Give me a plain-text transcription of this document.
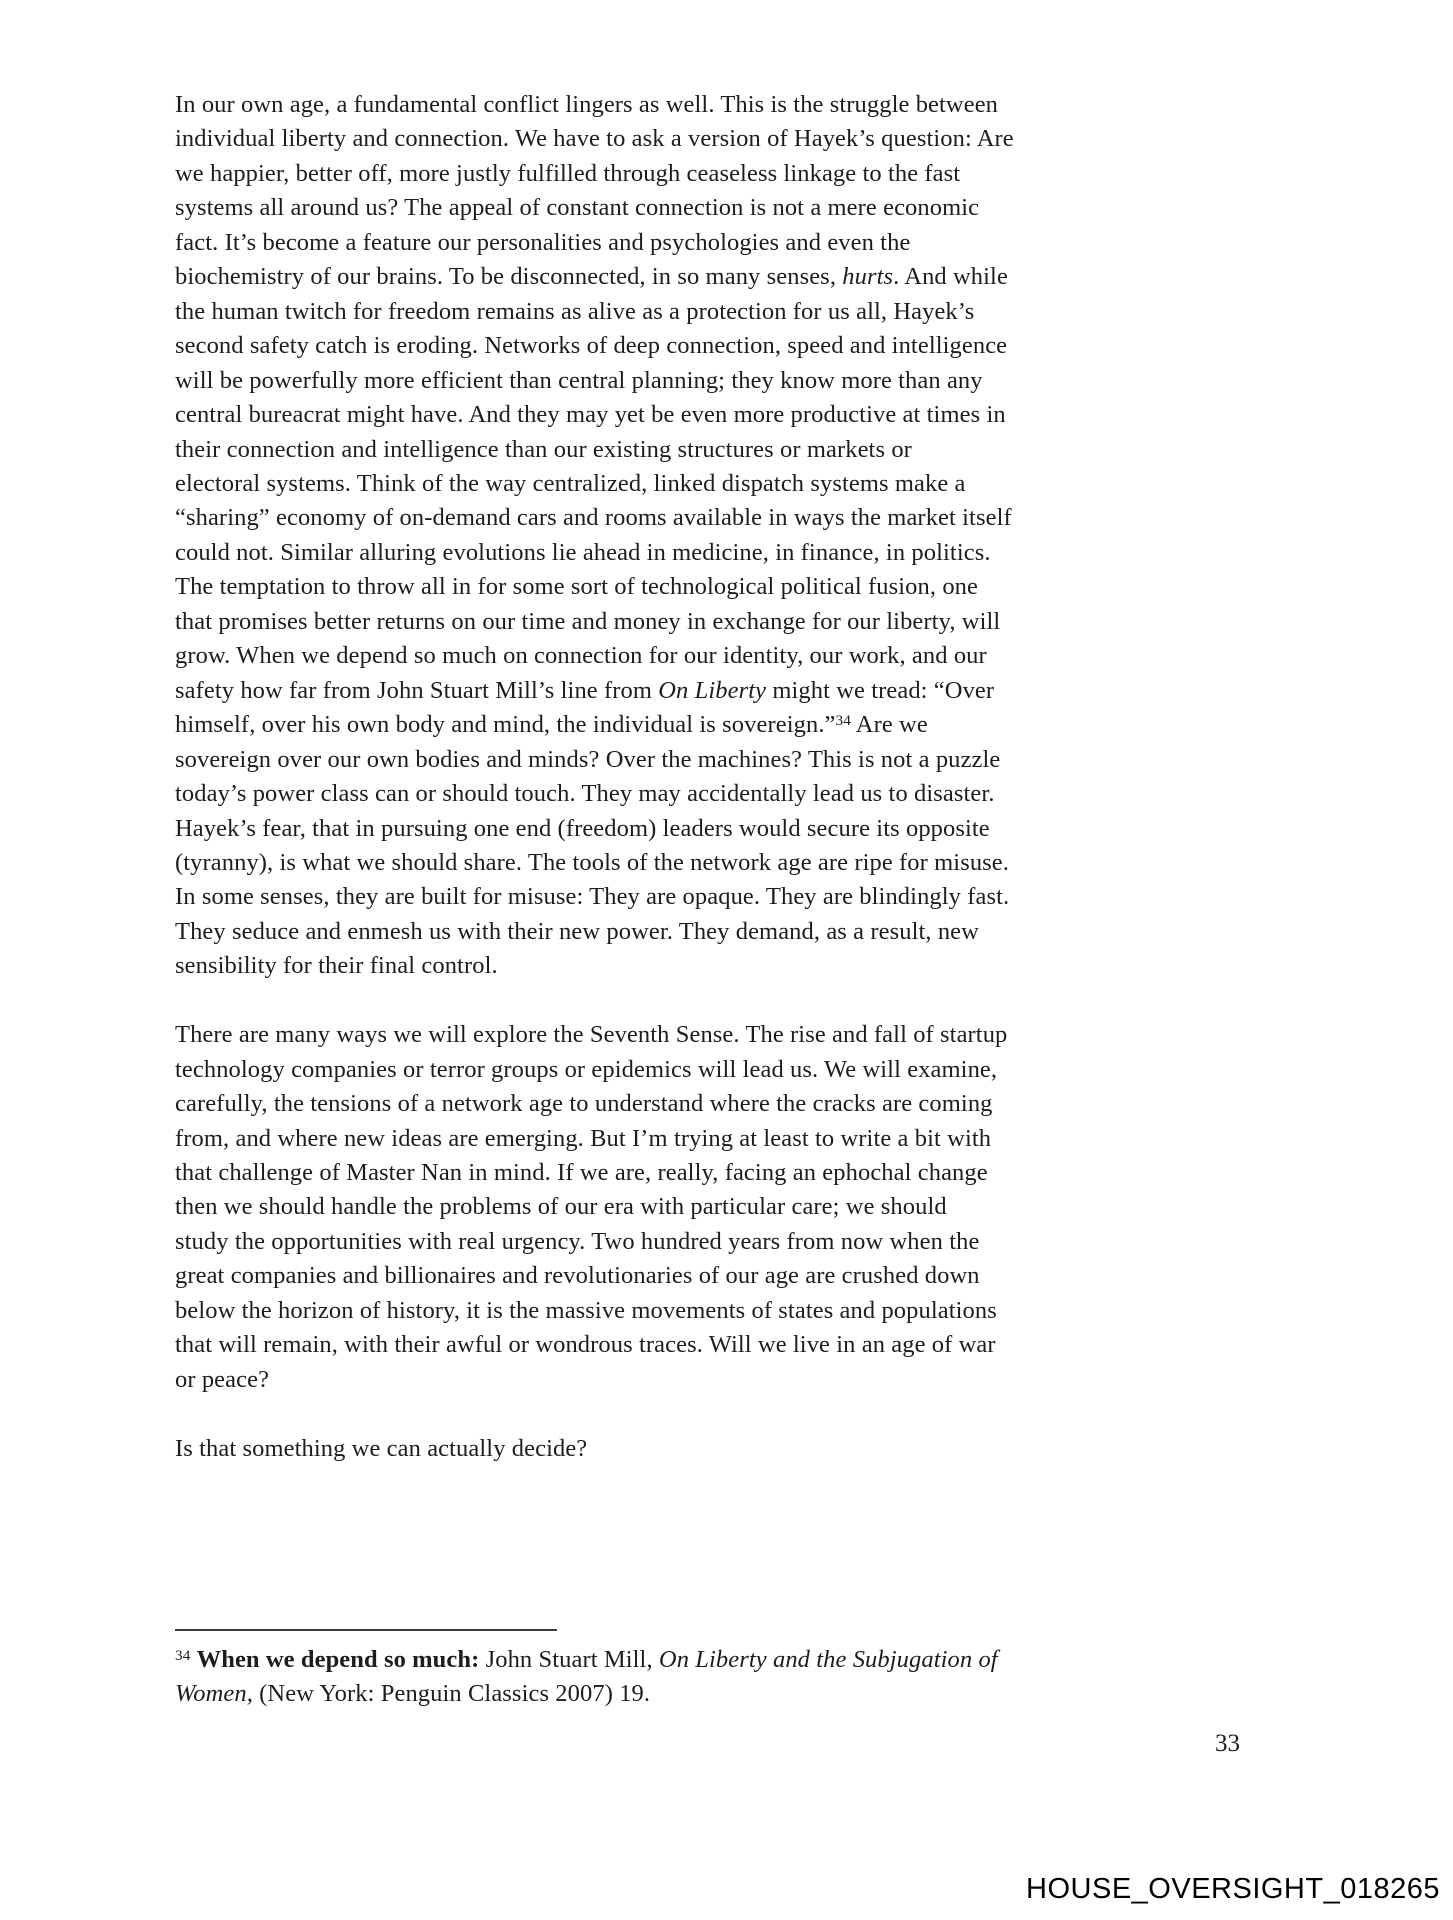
In our own age, a fundamental conflict lingers as well. This is the struggle between
individual liberty and connection. We have to ask a version of Hayek’s question: Are
we happier, better off, more justly fulfilled through ceaseless linkage to the fast
systems all around us? The appeal of constant connection is not a mere economic
fact. It’s become a feature our personalities and psychologies and even the
biochemistry of our brains. To be disconnected, in so many senses, hurts. And while
the human twitch for freedom remains as alive as a protection for us all, Hayek’s
second safety catch is eroding. Networks of deep connection, speed and intelligence
will be powerfully more efficient than central planning; they know more than any
central bureacrat might have. And they may yet be even more productive at times in
their connection and intelligence than our existing structures or markets or
electoral systems. Think of the way centralized, linked dispatch systems make a
“sharing” economy of on-demand cars and rooms available in ways the market itself
could not. Similar alluring evolutions lie ahead in medicine, in finance, in politics.
The temptation to throw all in for some sort of technological political fusion, one
that promises better returns on our time and money in exchange for our liberty, will
grow. When we depend so much on connection for our identity, our work, and our
safety how far from John Stuart Mill’s line from On Liberty might we tread: “Over
himself, over his own body and mind, the individual is sovereign.”$^{34}$ Are we
sovereign over our own bodies and minds? Over the machines? This is not a puzzle
today’s power class can or should touch. They may accidentally lead us to disaster.
Hayek’s fear, that in pursuing one end (freedom) leaders would secure its opposite
(tyranny), is what we should share. The tools of the network age are ripe for misuse.
In some senses, they are built for misuse: They are opaque. They are blindingly fast.
They seduce and enmesh us with their new power. They demand, as a result, new
sensibility for their final control.
There are many ways we will explore the Seventh Sense. The rise and fall of startup
technology companies or terror groups or epidemics will lead us. We will examine,
carefully, the tensions of a network age to understand where the cracks are coming
from, and where new ideas are emerging. But I’m trying at least to write a bit with
that challenge of Master Nan in mind. If we are, really, facing an ephochal change
then we should handle the problems of our era with particular care; we should
study the opportunities with real urgency. Two hundred years from now when the
great companies and billionaires and revolutionaries of our age are crushed down
below the horizon of history, it is the massive movements of states and populations
that will remain, with their awful or wondrous traces. Will we live in an age of war
or peace?
Is that something we can actually decide?
$^{34}$ When we depend so much: John Stuart Mill, On Liberty and the Subjugation of
Women, (New York: Penguin Classics 2007) 19.
33
HOUSE_OVERSIGHT_018265
